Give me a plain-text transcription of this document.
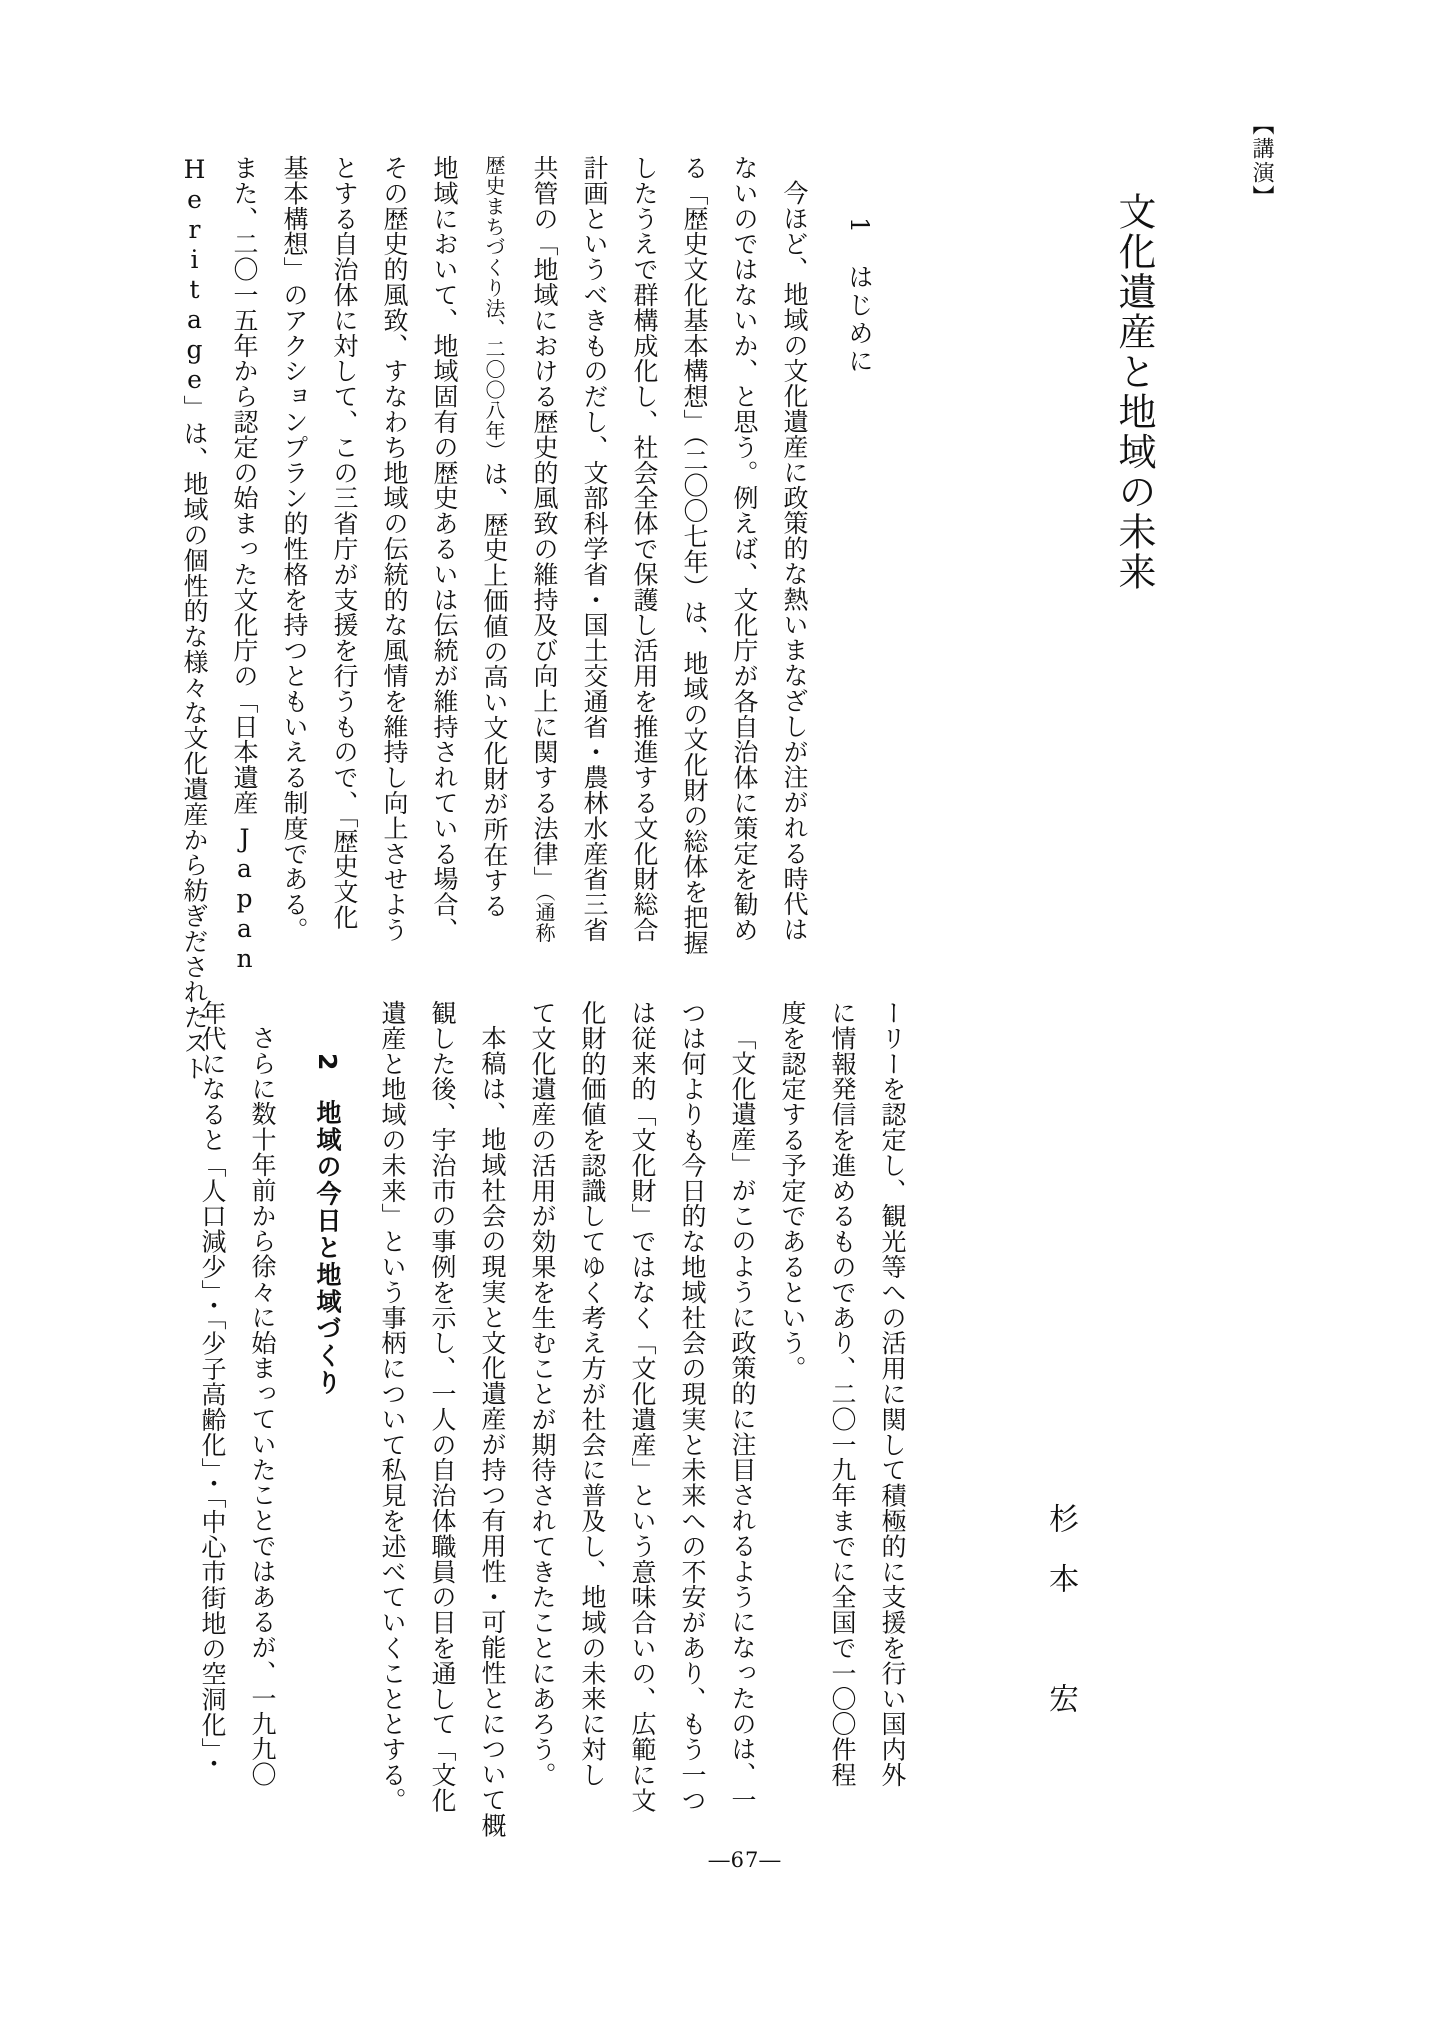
【講演】
文化遺産と地域の未来
杉本　宏

1　はじめに

今ほど、地域の文化遺産に政策的な熱いまなざしが注がれる時代は

ないのではないか、と思う。例えば、文化庁が各自治体に策定を勧め

る「歴史文化基本構想」（二〇〇七年）は、地域の文化財の総体を把握

したうえで群構成化し、社会全体で保護し活用を推進する文化財総合

計画というべきものだし、文部科学省・国土交通省・農林水産省三省

共管の「地域における歴史的風致の維持及び向上に関する法律」（通称

歴史まちづくり法、二〇〇八年）は、歴史上価値の高い文化財が所在する

地域において、地域固有の歴史あるいは伝統が維持されている場合、

その歴史的風致、すなわち地域の伝統的な風情を維持し向上させよう

とする自治体に対して、この三省庁が支援を行うもので、「歴史文化

基本構想」のアクションプラン的性格を持つともいえる制度である。

また、二〇一五年から認定の始まった文化庁の「日本遺産 Japan

Heritage」は、地域の個性的な様々な文化遺産から紡ぎだされたスト

ーリーを認定し、観光等への活用に関して積極的に支援を行い国内外

に情報発信を進めるものであり、二〇一九年までに全国で一〇〇件程

度を認定する予定であるという。

「文化遺産」がこのように政策的に注目されるようになったのは、一

つは何よりも今日的な地域社会の現実と未来への不安があり、もう一つ

は従来的「文化財」ではなく「文化遺産」という意味合いの、広範に文

化財的価値を認識してゆく考え方が社会に普及し、地域の未来に対し

て文化遺産の活用が効果を生むことが期待されてきたことにあろう。

本稿は、地域社会の現実と文化遺産が持つ有用性・可能性とについて概

観した後、宇治市の事例を示し、一人の自治体職員の目を通して「文化

遺産と地域の未来」という事柄について私見を述べていくこととする。

2　地域の今日と地域づくり

さらに数十年前から徐々に始まっていたことではあるが、一九九〇

年代になると「人口減少」・「少子高齢化」・「中心市街地の空洞化」・

―67―
